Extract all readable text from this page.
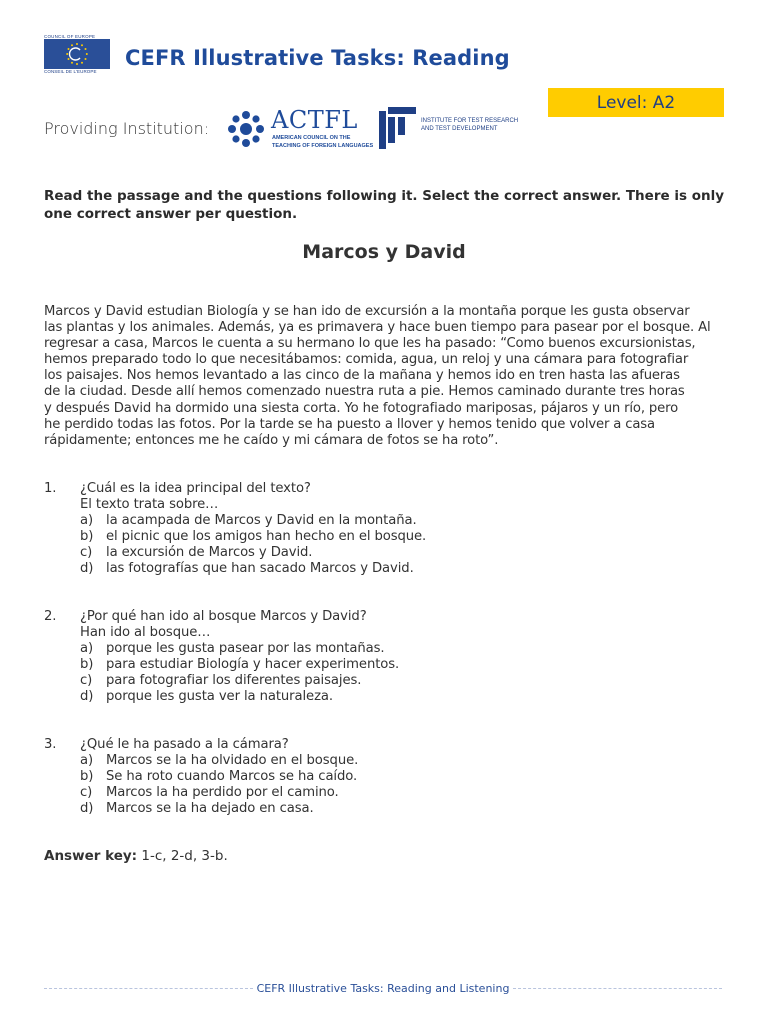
COUNCIL OF EUROPE
CONSEIL DE L'EUROPE
CEFR Illustrative Tasks: Reading
Level: A2
Providing Institution:	ACTFL
AMERICAN COUNCIL ON THE
TEACHING OF FOREIGN LANGUAGES
INSTITUTE FOR TEST RESEARCH
AND TEST DEVELOPMENT
Read the passage and the questions following it. Select the correct answer. There is only one correct answer per question.
Marcos y David
Marcos y David estudian Biología y se han ido de excursión a la montaña porque les gusta observar
las plantas y los animales. Además, ya es primavera y hace buen tiempo para pasear por el bosque. Al
regresar a casa, Marcos le cuenta a su hermano lo que les ha pasado: “Como buenos excursionistas,
hemos preparado todo lo que necesitábamos: comida, agua, un reloj y una cámara para fotografiar
los paisajes. Nos hemos levantado a las cinco de la mañana y hemos ido en tren hasta las afueras
de la ciudad. Desde allí hemos comenzado nuestra ruta a pie. Hemos caminado durante tres horas
y después David ha dormido una siesta corta. Yo he fotografiado mariposas, pájaros y un río, pero
he perdido todas las fotos. Por la tarde se ha puesto a llover y hemos tenido que volver a casa
rápidamente; entonces me he caído y mi cámara de fotos se ha roto”.
1.	¿Cuál es la idea principal del texto?
El texto trata sobre…
a) la acampada de Marcos y David en la montaña.
b) el picnic que los amigos han hecho en el bosque.
c)	la excursión de Marcos y David.
d) las fotografías que han sacado Marcos y David.
2.	¿Por qué han ido al bosque Marcos y David?
Han ido al bosque…
a) porque les gusta pasear por las montañas.
b) para estudiar Biología y hacer experimentos.
c)	para fotografiar los diferentes paisajes.
d) porque les gusta ver la naturaleza.
3.	¿Qué le ha pasado a la cámara?
a) Marcos se la ha olvidado en el bosque.
b) Se ha roto cuando Marcos se ha caído.
c)	Marcos la ha perdido por el camino.
d) Marcos se la ha dejado en casa.
Answer key: 1-c, 2-d, 3-b.
CEFR Illustrative Tasks: Reading and Listening
